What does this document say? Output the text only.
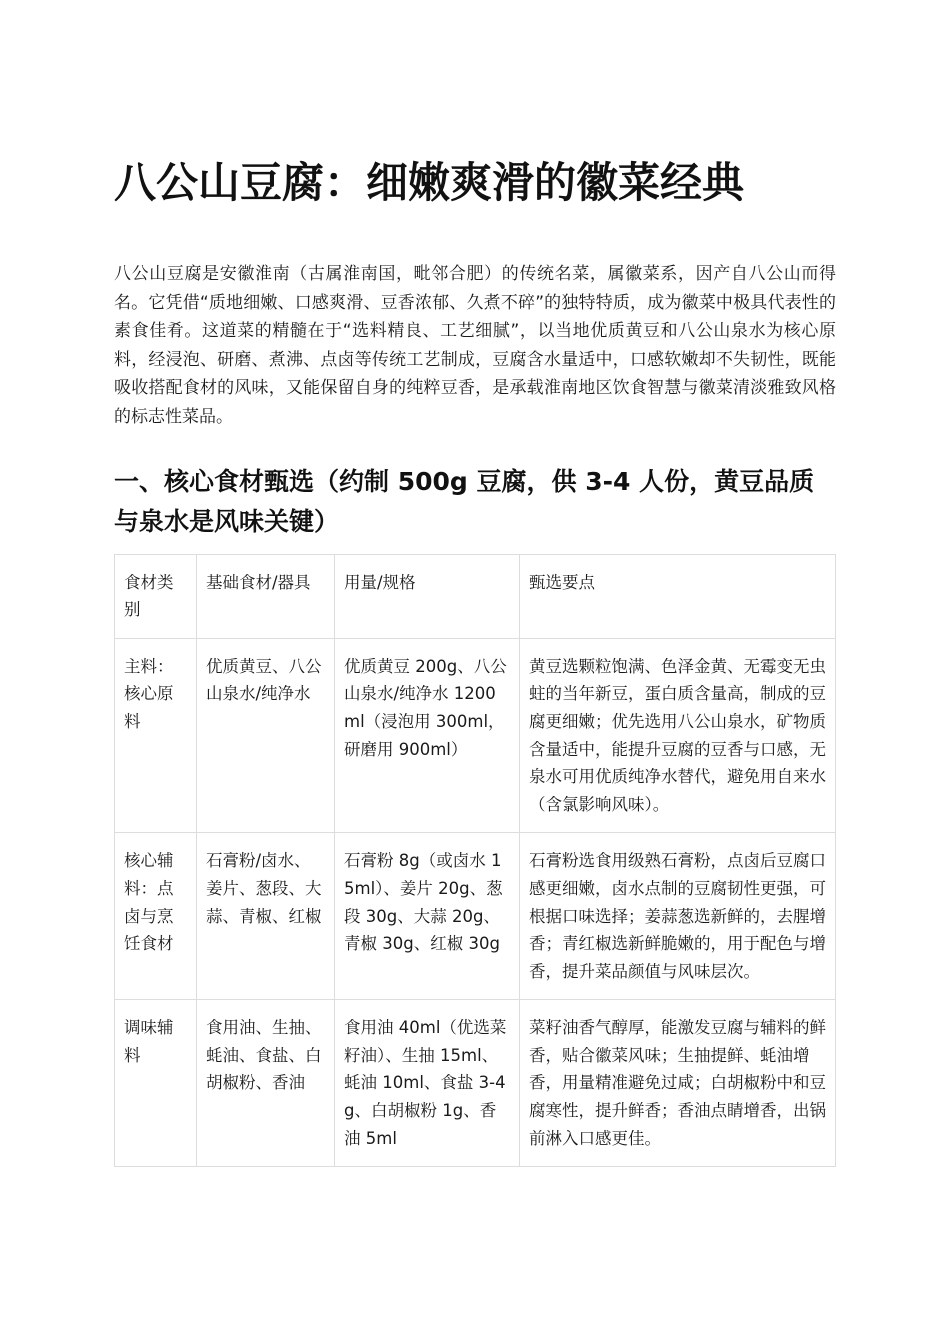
八公山豆腐：细嫩爽滑的徽菜经典

八公山豆腐是安徽淮南（古属淮南国，毗邻合肥）的传统名菜，属徽菜系，因产自八公山而得名。它凭借“质地细嫩、口感爽滑、豆香浓郁、久煮不碎”的独特特质，成为徽菜中极具代表性的素食佳肴。这道菜的精髓在于“选料精良、工艺细腻”，以当地优质黄豆和八公山泉水为核心原料，经浸泡、研磨、煮沸、点卤等传统工艺制成，豆腐含水量适中，口感软嫩却不失韧性，既能吸收搭配食材的风味，又能保留自身的纯粹豆香，是承载淮南地区饮食智慧与徽菜清淡雅致风格的标志性菜品。

一、核心食材甄选（约制 500g 豆腐，供 3-4 人份，黄豆品质与泉水是风味关键）
食材类别	基础食材/器具	用量/规格	甄选要点
主料：核心原料	优质黄豆、八公山泉水/纯净水	优质黄豆 200g、八公山泉水/纯净水 1200ml（浸泡用 300ml，研磨用 900ml）	黄豆选颗粒饱满、色泽金黄、无霉变无虫蛀的当年新豆，蛋白质含量高，制成的豆腐更细嫩；优先选用八公山泉水，矿物质含量适中，能提升豆腐的豆香与口感，无泉水可用优质纯净水替代，避免用自来水（含氯影响风味）。
核心辅料：点卤与烹饪食材	石膏粉/卤水、姜片、葱段、大蒜、青椒、红椒	石膏粉 8g（或卤水 15ml）、姜片 20g、葱段 30g、大蒜 20g、青椒 30g、红椒 30g	石膏粉选食用级熟石膏粉，点卤后豆腐口感更细嫩，卤水点制的豆腐韧性更强，可根据口味选择；姜蒜葱选新鲜的，去腥增香；青红椒选新鲜脆嫩的，用于配色与增香，提升菜品颜值与风味层次。
调味辅料	食用油、生抽、蚝油、食盐、白胡椒粉、香油	食用油 40ml（优选菜籽油）、生抽 15ml、蚝油 10ml、食盐 3-4g、白胡椒粉 1g、香油 5ml	菜籽油香气醇厚，能激发豆腐与辅料的鲜香，贴合徽菜风味；生抽提鲜、蚝油增香，用量精准避免过咸；白胡椒粉中和豆腐寒性，提升鲜香；香油点睛增香，出锅前淋入口感更佳。
